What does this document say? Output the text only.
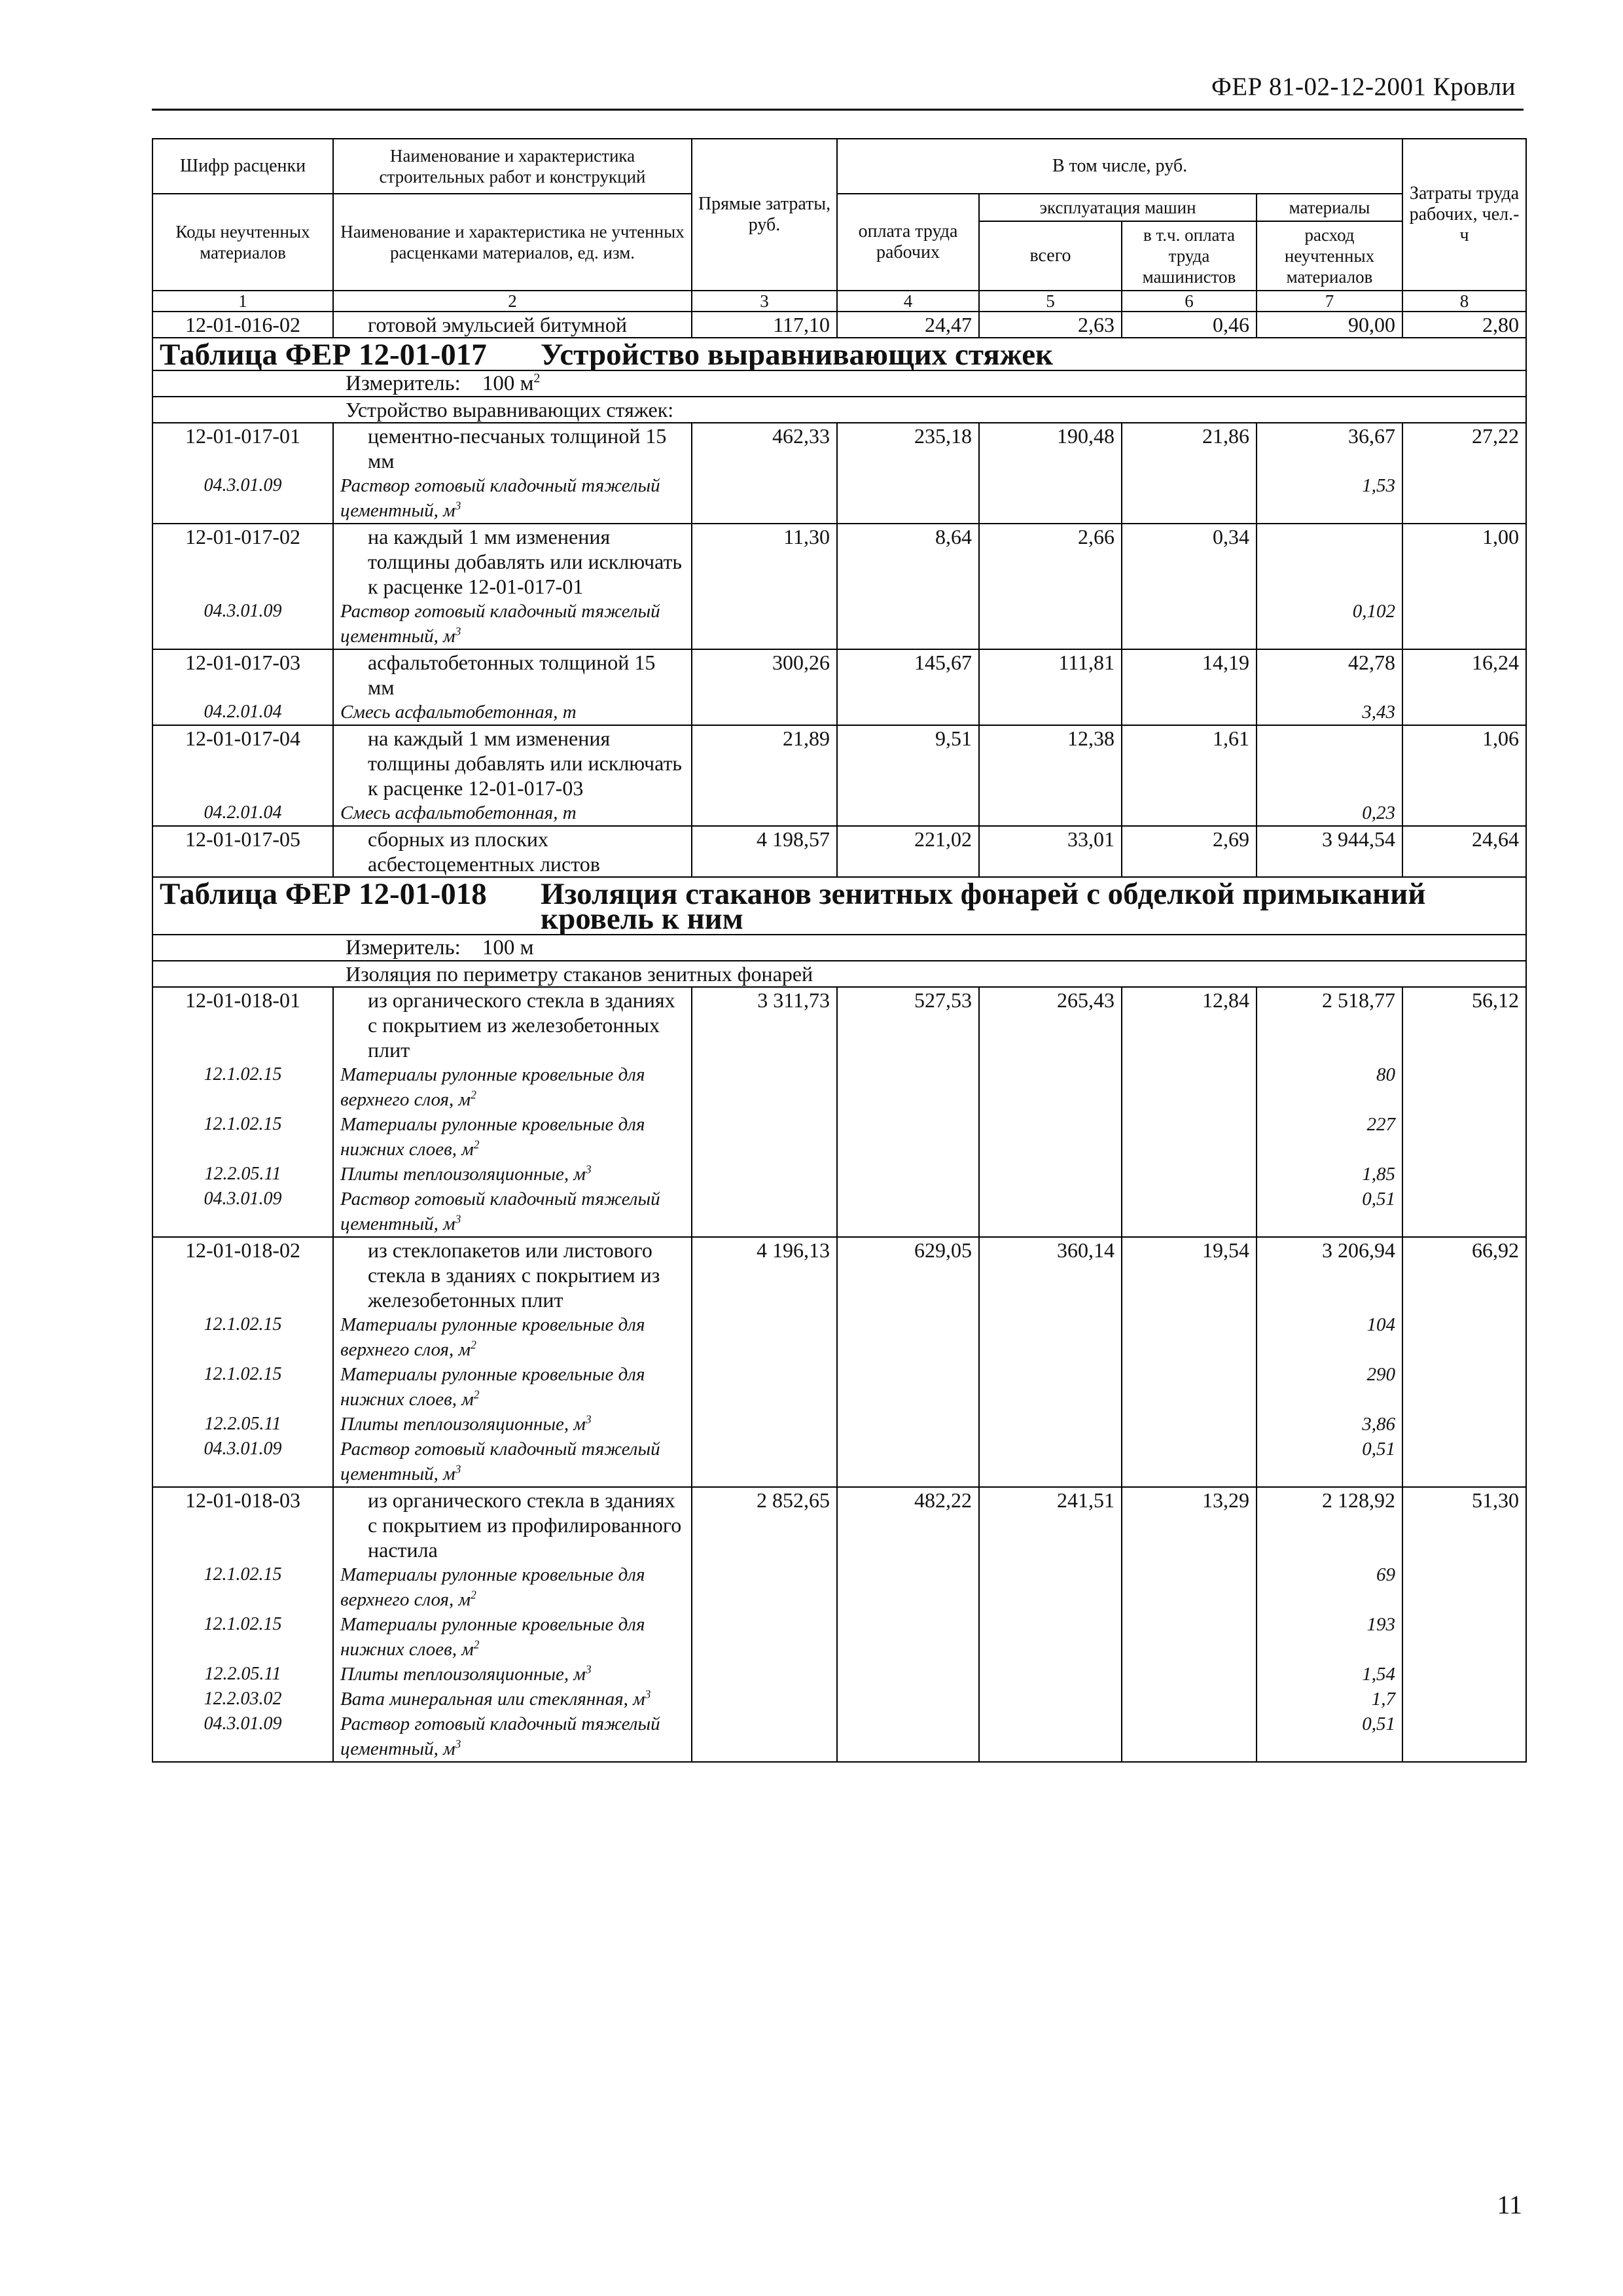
ФЕР 81-02-12-2001 Кровли
Шифр расценки	Наименование и характеристика строительных работ и конструкций	Прямые затраты, руб.	В том числе, руб.				Затраты труда рабочих, чел.-ч
Коды неучтенных материалов	Наименование и характеристика не учтенных расценками материалов, ед. изм.		оплата труда рабочих	эксплуатация машин		материалы	
				всего	в т.ч. оплата труда машинистов	расход неучтенных материалов	

1	2	3	4	5	6	7	8
12-01-016-02	готовой эмульсией битумной	117,10	24,47	2,63	0,46	90,00	2,80
Таблица ФЕР 12-01-017 Устройство выравнивающих стяжек							
Измеритель: 100 $м^2$
Устройство выравнивающих стяжек:							
12-01-017-01	цементно-песчаных толщиной 15 мм	462,33	235,18	190,48	21,86	36,67	27,22
04.3.01.09	Раствор готовый кладочный тяжелый цементный, $м^3$					1,53	
12-01-017-02	на каждый 1 мм изменения толщины добавлять или исключать к расценке 12-01-017-01	11,30	8,64	2,66	0,34		1,00
04.3.01.09	Раствор готовый кладочный тяжелый цементный, $м^3$					0,102	
12-01-017-03	асфальтобетонных толщиной 15 мм	300,26	145,67	111,81	14,19	42,78	16,24
04.2.01.04	Смесь асфальтобетонная, т					3,43	
12-01-017-04	на каждый 1 мм изменения толщины добавлять или исключать к расценке 12-01-017-03	21,89	9,51	12,38	1,61		1,06
04.2.01.04	Смесь асфальтобетонная, т					0,23	
12-01-017-05	сборных из плоских асбестоцементных листов	4 198,57	221,02	33,01	2,69	3 944,54	24,64
Таблица ФЕР 12-01-018 Изоляция стаканов зенитных фонарей с обделкой примыканий кровель к ним							
Измеритель: 100 м							
Изоляция по периметру стаканов зенитных фонарей							
12-01-018-01	из органического стекла в зданиях с покрытием из железобетонных плит	3 311,73	527,53	265,43	12,84	2 518,77	56,12
12.1.02.15	Материалы рулонные кровельные для верхнего слоя, $м^2$					80	
12.1.02.15	Материалы рулонные кровельные для нижних слоев, $м^2$					227	
12.2.05.11	Плиты теплоизоляционные, $м^3$					1,85	
04.3.01.09	Раствор готовый кладочный тяжелый цементный, $м^3$					0,51	
12-01-018-02	из стеклопакетов или листового стекла в зданиях с покрытием из железобетонных плит	4 196,13	629,05	360,14	19,54	3 206,94	66,92
12.1.02.15	Материалы рулонные кровельные для верхнего слоя, $м^2$					104	
12.1.02.15	Материалы рулонные кровельные для нижних слоев, $м^2$					290	
12.2.05.11	Плиты теплоизоляционные, $м^3$					3,86	
04.3.01.09	Раствор готовый кладочный тяжелый цементный, $м^3$					0,51	
12-01-018-03	из органического стекла в зданиях с покрытием из профилированного настила	2 852,65	482,22	241,51	13,29	2 128,92	51,30
12.1.02.15	Материалы рулонные кровельные для верхнего слоя, $м^2$					69	
12.1.02.15	Материалы рулонные кровельные для нижних слоев, $м^2$					193	
12.2.05.11	Плиты теплоизоляционные, $м^3$					1,54	
12.2.03.02	Вата минеральная или стеклянная, $м^3$					1,7	
04.3.01.09	Раствор готовый кладочный тяжелый цементный, $м^3$					0,51	
11
